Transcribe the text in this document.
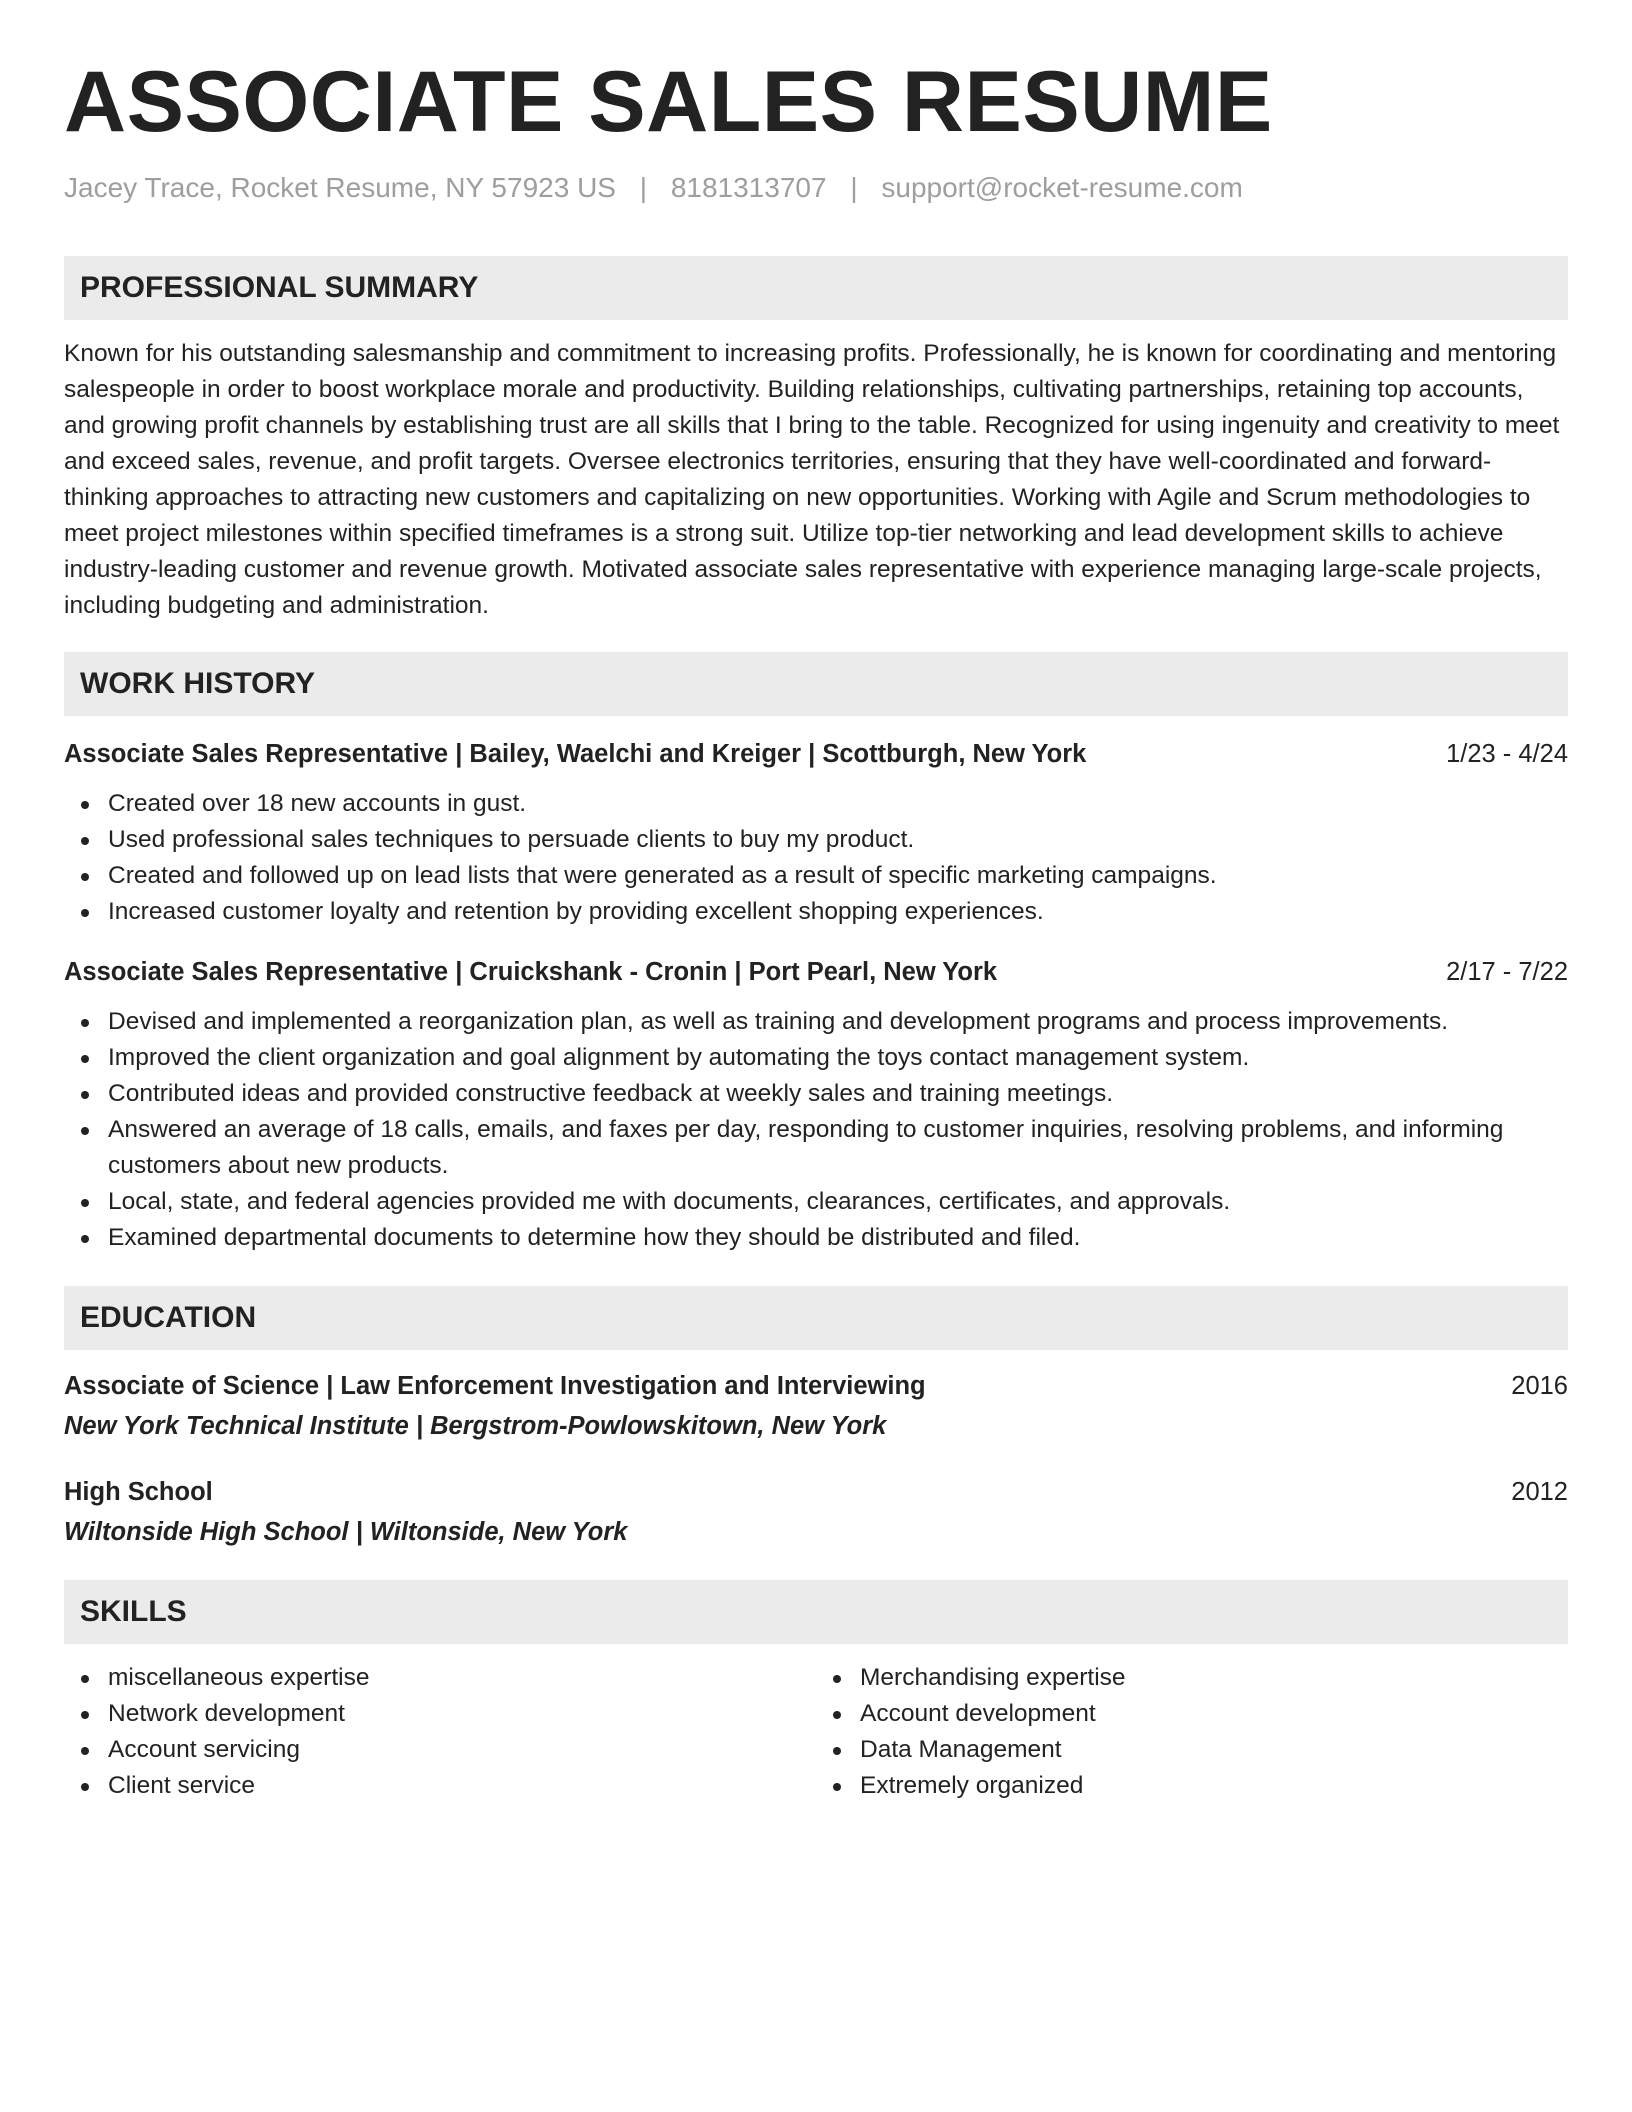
ASSOCIATE SALES RESUME
Jacey Trace, Rocket Resume, NY 57923 US | 8181313707 | support@rocket-resume.com
PROFESSIONAL SUMMARY

Known for his outstanding salesmanship and commitment to increasing profits. Professionally, he is known for coordinating and mentoring salespeople in order to boost workplace morale and productivity. Building relationships, cultivating partnerships, retaining top accounts, and growing profit channels by establishing trust are all skills that I bring to the table. Recognized for using ingenuity and creativity to meet and exceed sales, revenue, and profit targets. Oversee electronics territories, ensuring that they have well-coordinated and forward-thinking approaches to attracting new customers and capitalizing on new opportunities. Working with Agile and Scrum methodologies to meet project milestones within specified timeframes is a strong suit. Utilize top-tier networking and lead development skills to achieve industry-leading customer and revenue growth. Motivated associate sales representative with experience managing large-scale projects, including budgeting and administration.

WORK HISTORY
Associate Sales Representative | Bailey, Waelchi and Kreiger | Scottburgh, New York	1/23 - 4/24
Created over 18 new accounts in gust.
Used professional sales techniques to persuade clients to buy my product.
Created and followed up on lead lists that were generated as a result of specific marketing campaigns.
Increased customer loyalty and retention by providing excellent shopping experiences.
Associate Sales Representative | Cruickshank - Cronin | Port Pearl, New York	2/17 - 7/22
Devised and implemented a reorganization plan, as well as training and development programs and process improvements.
Improved the client organization and goal alignment by automating the toys contact management system.
Contributed ideas and provided constructive feedback at weekly sales and training meetings.
Answered an average of 18 calls, emails, and faxes per day, responding to customer inquiries, resolving problems, and informing customers about new products.
Local, state, and federal agencies provided me with documents, clearances, certificates, and approvals.
Examined departmental documents to determine how they should be distributed and filed.
EDUCATION
Associate of Science | Law Enforcement Investigation and Interviewing	2016
New York Technical Institute | Bergstrom-Powlowskitown, New York
High School	2012
Wiltonside High School | Wiltonside, New York
SKILLS
miscellaneous expertise
Network development
Account servicing
Client service
Merchandising expertise
Account development
Data Management
Extremely organized
